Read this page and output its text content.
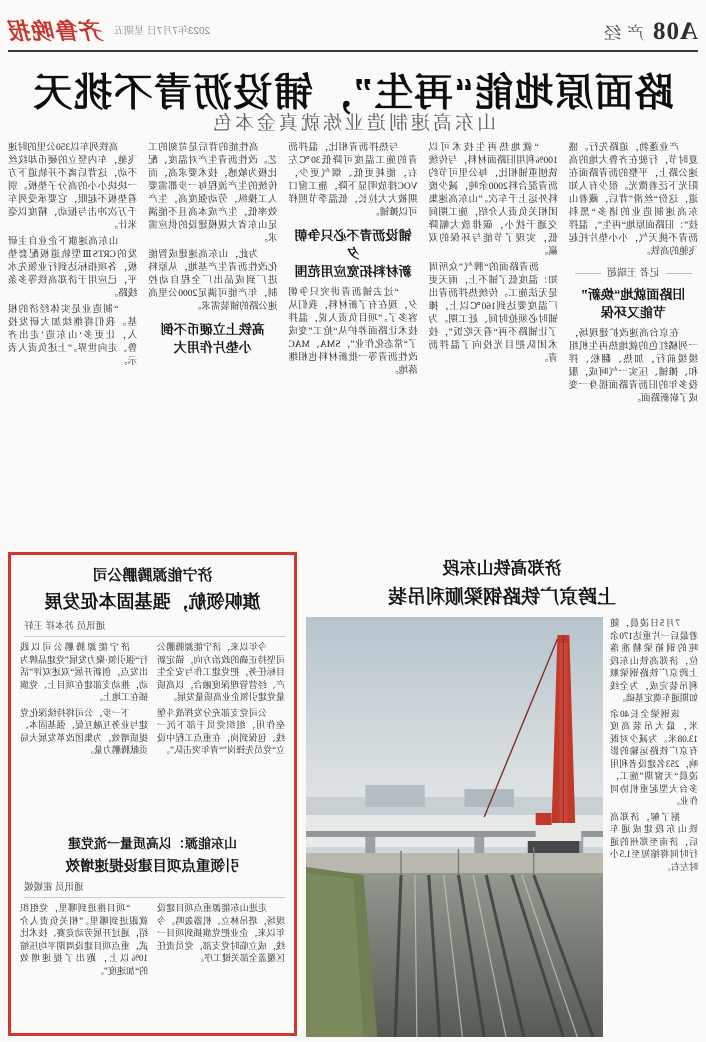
A08
产经
2023年7月7日 星期五
齐鲁晚报
路面原地能“再生”，铺设沥青不挑天
山东高速制造业炼就真金本色

产业蓬勃，道路先行。盛夏时节，行驶在齐鲁大地的高速公路上，平整的沥青路面在阳光下泛着微光。很少有人知道，这份“丝滑”背后，藏着山东高速制造业的诸多“黑科技”：旧路面原地“再生”，温拌沥青不挑天气，小小垫片托起飞驰的高铁。

记者 王瑞超
旧路面就地“焕新”
节能又环保

在京台高速改扩建现场，一列橘红色的就地热再生机组缓缓前行，加热、翻松、拌和、摊铺、压实一气呵成，服役多年的旧沥青路面摇身一变成了崭新路面。

“就地热再生技术可以100%利用旧路面材料，与传统铣刨重铺相比，每公里可节约沥青混合料2000余吨，减少废料外运上千车次。”山东高速集团相关负责人介绍，施工期间交通干扰小，碳排放大幅降低，实现了节能与环保的双赢。

沥青路面的“脾气”众所周知：温度低了铺不上，雨天更是无法施工。传统热拌沥青出厂温度要达到160℃以上，摊铺时必须抢时间、赶工期。为了让铺路不再“看天吃饭”，技术团队把目光投向了温拌沥青。

与热拌沥青相比，温拌沥青的施工温度可降低30℃左右，能耗更低、烟气更少，VOC排放明显下降，施工窗口期被大大拉长，低温季节照样可以摊铺。

铺设沥青不必只争朝夕
新材料拓宽应用范围

“过去铺沥青讲究只争朝夕，现在有了新材料，我们从容多了。”项目负责人说，温拌技术让路面养护从“抢工”变成了“常态化作业”，SMA、MAC改性沥青等一批新材料也相继落地。

高性能的背后是苛刻的工艺。改性沥青生产对温度、配比极为敏感，技术要求高，而传统的生产流程每一步都需要人工操纵，劳动强度高，生产效率低，生产成本高且不能满足山东省大规模建设的供应需求。

为此，山东高速建成智能化改性沥青生产基地，从原料进厂到成品出厂全程自动控制，年产能可满足2000公里高速公路的铺装需求。

高铁上立硬币不倒
小垫片作用大

高铁列车以350公里的时速飞驰，车内竖立的硬币却纹丝不动，这背后离不开轨道下方一块块小小的高分子垫板。别看垫板不起眼，它要承受列车千万次冲击与振动，精度以毫米计。

山东高速旗下企业自主研发的CRTSⅢ型轨道板配套垫板，各项指标达到行业领先水平，已应用于济郑高铁等多条线路。

“制造业是实体经济的根基。我们将继续加大研发投入，让更多‘山东造’走出齐鲁、走向世界。”上述负责人表示。

济郑高铁山东段
上跨京广铁路钢梁顺利吊装

7月5日凌晨，随着最后一片重达170余吨的钢箱梁精准落位，济郑高铁山东段上跨京广铁路钢梁顺利吊装完成，为全线如期通车奠定基础。

该钢梁全长40余米，最大吊装高度13.08米。为减少对既有京广铁路运输的影响，253名建设者利用凌晨“天窗期”施工，多台大型起重机协同作业。

据了解，济郑高铁山东段建成通车后，济南至郑州的通行时间将缩短至1.5小时左右。

济宁能源腾鹏公司
旗帜领航，强基固本促发展
通讯员 苏本祥 王轩

今年以来，济宁能源腾鹏公司坚持正确的政治方向，锚定新目标任务，把党建工作与安全生产、经营管理深度融合，以高质量党建引领企业高质量发展。

公司党支部充分发挥战斗堡垒作用，组织党员干部下沉一线、包保到岗，在重点工程中设立“党员先锋岗”“青年突击队”。

济宁能源腾鹏公司以践行“强引领·聚力发展”党建品牌为出发点，创新开展“双述双评”活动，推动支部建在项目上、党旗插在工地上。

下一步，公司将持续深化党建与业务互融互促，强基固本、提质增效，为集团改革发展大局贡献腾鹏力量。

山东能源：以高质量一流党建
引领重点项目建设提速增效
通讯员 霍媛媛

走进山东能源重点项目建设现场，塔吊林立、机器轰鸣。今年以来，企业把党旗插到项目一线，成立临时党支部，党员责任区覆盖全部关键工序。

“项目推进到哪里，党组织就跟进到哪里。”相关负责人介绍，通过开展劳动竞赛、技术比武，重点项目建设周期平均压缩10%以上，跑出了提速增效的“加速度”。
